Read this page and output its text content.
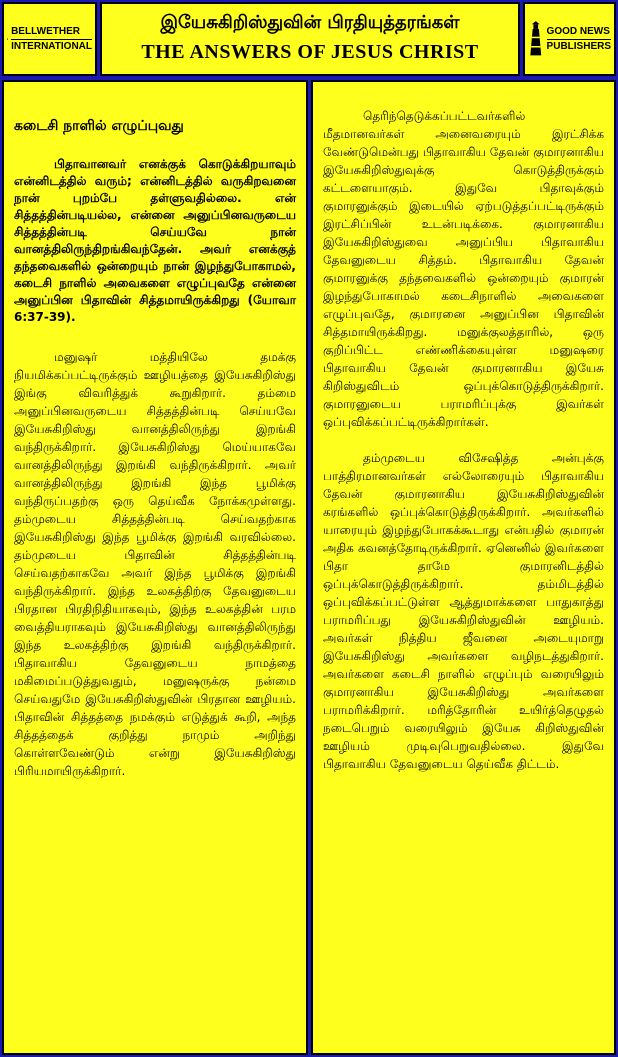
BELLWETHER
INTERNATIONAL
இயேசுகிறிஸ்துவின் பிரதியுத்தரங்கள்
THE ANSWERS OF JESUS CHRIST
GOOD NEWS
PUBLISHERS
கடைசி நாளில் எழுப்புவது

பிதாவானவர் எனக்குக் கொடுக்கிறயாவும் என்னிடத்தில் வரும்; என்னிடத்தில் வருகிறவனை நான் புறம்பே தள்ளுவதில்லை. என் சித்தத்தின்படியல்ல, என்னை அனுப்பினவருடைய சித்தத்தின்படி செய்யவே நான் வானத்திலிருந்திறங்கிவந்தேன். அவர் எனக்குத் தந்தவைகளில் ஒன்றையும் நான் இழந்துபோகாமல், கடைசி நாளில் அவைகளை எழுப்புவதே என்னை அனுப்பின பிதாவின் சித்தமாயிருக்கிறது (யோவா 6:37-39).

மனுஷர் மத்தியிலே தமக்கு நியமிக்கப்பட்டிருக்கும் ஊழியத்தை இயேசுகிறிஸ்து இங்கு விவரித்துக் கூறுகிறார். தம்மை அனுப்பினவருடைய சித்தத்தின்படி செய்யவே இயேசுகிறிஸ்து வானத்திலிருந்து இறங்கி வந்திருக்கிறார். இயேசுகிறிஸ்து மெய்யாகவே வானத்திலிருந்து இறங்கி வந்திருக்கிறார். அவர் வானத்திலிருந்து இறங்கி இந்த பூமிக்கு வந்திருப்பதற்கு ஒரு தெய்வீக நோக்கமுள்ளது. தம்முடைய சித்தத்தின்படி செய்வதற்காக இயேசுகிறிஸ்து இந்த பூமிக்கு இறங்கி வரவில்லை. தம்முடைய பிதாவின் சித்தத்தின்படி செய்வதற்காகவே அவர் இந்த பூமிக்கு இறங்கி வந்திருக்கிறார். இந்த உலகத்திற்கு தேவனுடைய பிரதான பிரதிநிதியாகவும், இந்த உலகத்தின் பரம வைத்தியராகவும் இயேசுகிறிஸ்து வானத்திலிருந்து இந்த உலகத்திற்கு இறங்கி வந்திருக்கிறார். பிதாவாகிய தேவனுடைய நாமத்தை மகிமைப்படுத்துவதும், மனுஷருக்கு நன்மை செய்வதுமே இயேசுகிறிஸ்துவின் பிரதான ஊழியம். பிதாவின் சித்தத்தை நமக்கும் எடுத்துக் கூறி, அந்த சித்தத்தைக் குறித்து நாமும் அறிந்து கொள்ளவேண்டும் என்று இயேசுகிறிஸ்து பிரியமாயிருக்கிறார்.

தெரிந்தெடுக்கப்பட்டவர்களில் மீதமானவர்கள் அனைவரையும் இரட்சிக்க வேண்டுமென்பது பிதாவாகிய தேவன் குமாரனாகிய இயேசுகிறிஸ்துவுக்கு கொடுத்திருக்கும் கட்டளையாகும். இதுவே பிதாவுக்கும் குமாரனுக்கும் இடையில் ஏற்படுத்தப்பட்டிருக்கும் இரட்சிப்பின் உடன்படிக்கை. குமாரனாகிய இயேசுகிறிஸ்துவை அனுப்பிய பிதாவாகிய தேவனுடைய சித்தம். பிதாவாகிய தேவன் குமாரனுக்கு தந்தவைகளில் ஒன்றையும் குமாரன் இழந்துபோகாமல் கடைசிநாளில் அவைகளை எழுப்புவதே, குமாரனை அனுப்பின பிதாவின் சித்தமாயிருக்கிறது. மனுக்குலத்தாரில், ஒரு குறிப்பிட்ட எண்ணிக்கையுள்ள மனுஷரை பிதாவாகிய தேவன் குமாரனாகிய இயேசு கிறிஸ்துவிடம் ஒப்புக்கொடுத்திருக்கிறார். குமாரனுடைய பராமரிப்புக்கு இவர்கள் ஒப்புவிக்கப்பட்டிருக்கிறார்கள்.

தம்முடைய விசேஷித்த அன்புக்கு பாத்திரமானவர்கள் எல்லோரையும் பிதாவாகிய தேவன் குமாரனாகிய இயேசுகிறிஸ்துவின் கரங்களில் ஒப்புக்கொடுத்திருக்கிறார். அவர்களில் யாரையும் இழந்துபோகக்கூடாது என்பதில் குமாரன் அதிக கவனத்தோடிருக்கிறார். ஏனெனில் இவர்களை பிதா தாமே குமாரனிடத்தில் ஒப்புக்கொடுத்திருக்கிறார். தம்மிடத்தில் ஒப்புவிக்கப்பட்டுள்ள ஆத்துமாக்களை பாதுகாத்து பராமரிப்பது இயேசுகிறிஸ்துவின் ஊழியம். அவர்கள் நித்திய ஜீவனை அடையுமாறு இயேசுகிறிஸ்து அவர்களை வழிநடத்துகிறார். அவர்களை கடைசி நாளில் எழுப்பும் வரையிலும் குமாரனாகிய இயேசுகிறிஸ்து அவர்களை பராமரிக்கிறார். மரித்தோரின் உயிர்த்தெழுதல் நடைபெறும் வரையிலும் இயேசு கிறிஸ்துவின் ஊழியம் முடிவுபெறுவதில்லை. இதுவே பிதாவாகிய தேவனுடைய தெய்வீக திட்டம்.
